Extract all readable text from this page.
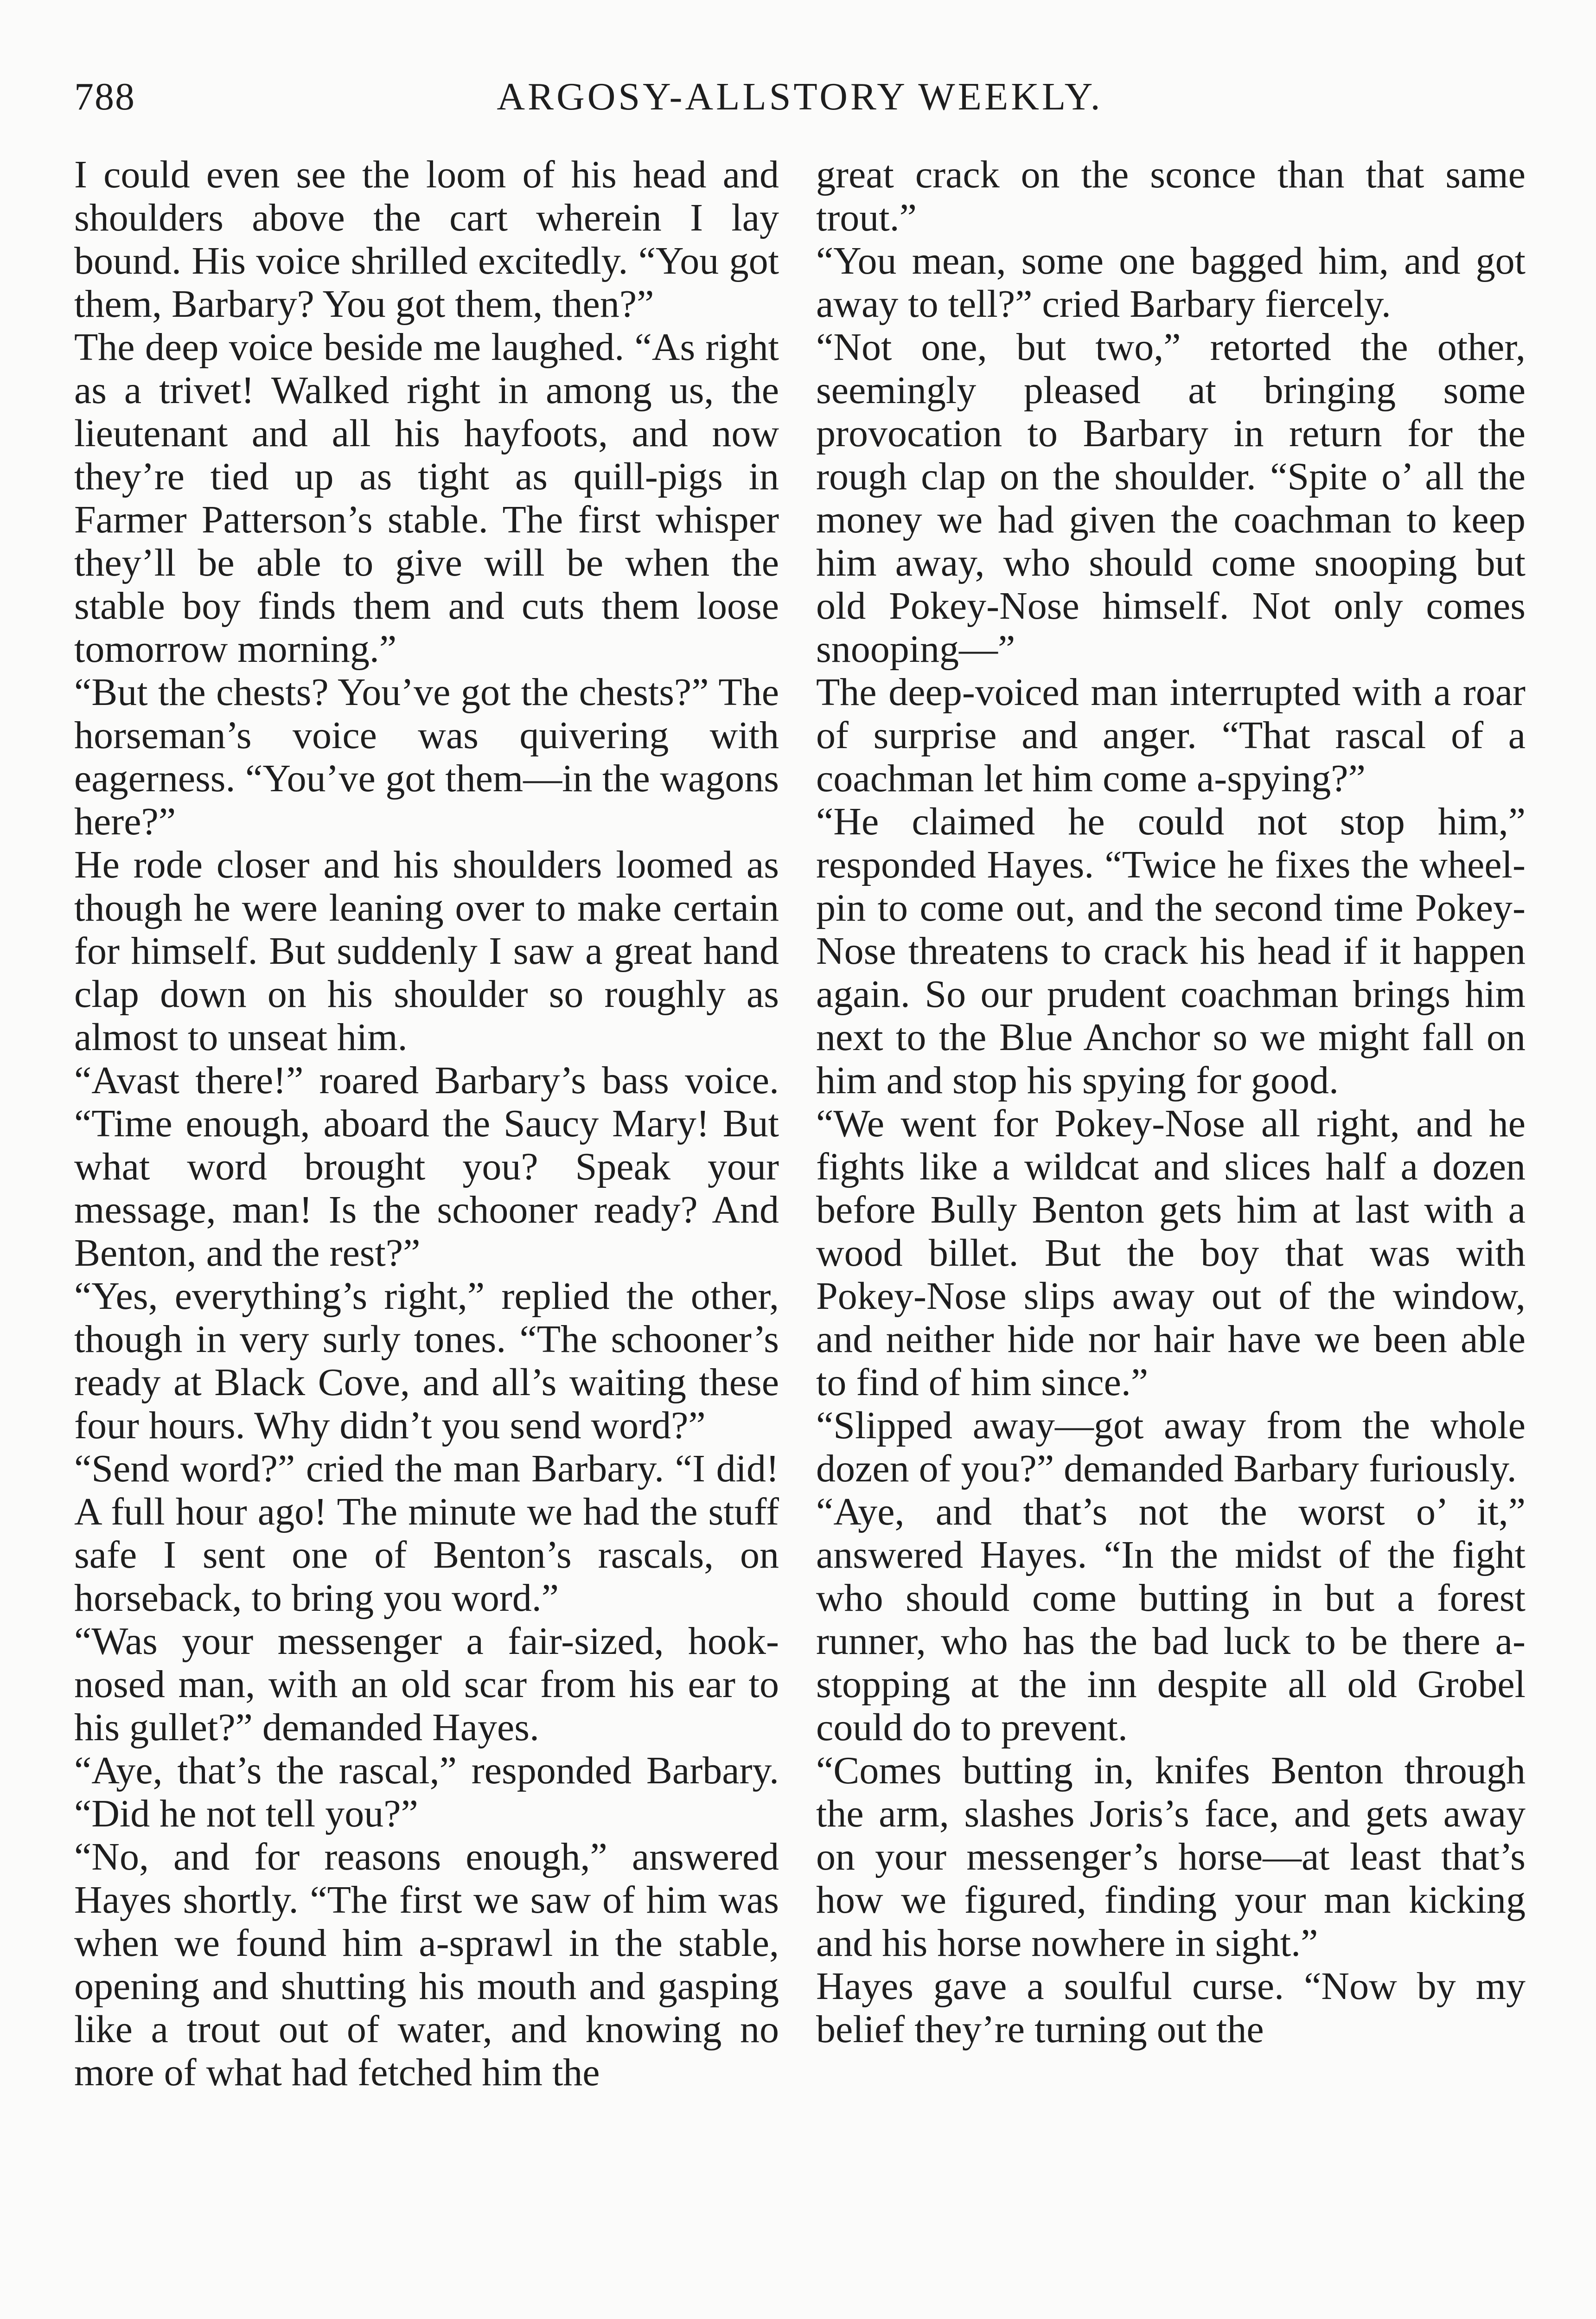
788	ARGOSY-ALLSTORY WEEKLY.

I could even see the loom of his head and shoulders above the cart wherein I lay bound. His voice shrilled excitedly. “You got them, Barbary? You got them, then?”

The deep voice beside me laughed. “As right as a trivet! Walked right in among us, the lieutenant and all his hayfoots, and now they’re tied up as tight as quill-pigs in Farmer Patterson’s stable. The first whisper they’ll be able to give will be when the stable boy finds them and cuts them loose tomorrow morning.”

“But the chests? You’ve got the chests?” The horseman’s voice was quivering with eagerness. “You’ve got them—in the wagons here?”

He rode closer and his shoulders loomed as though he were leaning over to make certain for himself. But suddenly I saw a great hand clap down on his shoulder so roughly as almost to unseat him.

“Avast there!” roared Barbary’s bass voice. “Time enough, aboard the Saucy Mary! But what word brought you? Speak your message, man! Is the schooner ready? And Benton, and the rest?”

“Yes, everything’s right,” replied the other, though in very surly tones. “The schooner’s ready at Black Cove, and all’s waiting these four hours. Why didn’t you send word?”

“Send word?” cried the man Barbary. “I did! A full hour ago! The minute we had the stuff safe I sent one of Benton’s rascals, on horseback, to bring you word.”

“Was your messenger a fair-sized, hook-nosed man, with an old scar from his ear to his gullet?” demanded Hayes.

“Aye, that’s the rascal,” responded Barbary. “Did he not tell you?”

“No, and for reasons enough,” answered Hayes shortly. “The first we saw of him was when we found him a-sprawl in the stable, opening and shutting his mouth and gasping like a trout out of water, and knowing no more of what had fetched him the

great crack on the sconce than that same trout.”

“You mean, some one bagged him, and got away to tell?” cried Barbary fiercely.

“Not one, but two,” retorted the other, seemingly pleased at bringing some provocation to Barbary in return for the rough clap on the shoulder. “Spite o’ all the money we had given the coachman to keep him away, who should come snooping but old Pokey-Nose himself. Not only comes snooping—”

The deep-voiced man interrupted with a roar of surprise and anger. “That rascal of a coachman let him come a-spying?”

“He claimed he could not stop him,” responded Hayes. “Twice he fixes the wheel-pin to come out, and the second time Pokey-Nose threatens to crack his head if it happen again. So our prudent coachman brings him next to the Blue Anchor so we might fall on him and stop his spying for good.

“We went for Pokey-Nose all right, and he fights like a wildcat and slices half a dozen before Bully Benton gets him at last with a wood billet. But the boy that was with Pokey-Nose slips away out of the window, and neither hide nor hair have we been able to find of him since.”

“Slipped away—got away from the whole dozen of you?” demanded Barbary furiously.

“Aye, and that’s not the worst o’ it,” answered Hayes. “In the midst of the fight who should come butting in but a forest runner, who has the bad luck to be there a-stopping at the inn despite all old Grobel could do to prevent.

“Comes butting in, knifes Benton through the arm, slashes Joris’s face, and gets away on your messenger’s horse—at least that’s how we figured, finding your man kicking and his horse nowhere in sight.”

Hayes gave a soulful curse. “Now by my belief they’re turning out the
